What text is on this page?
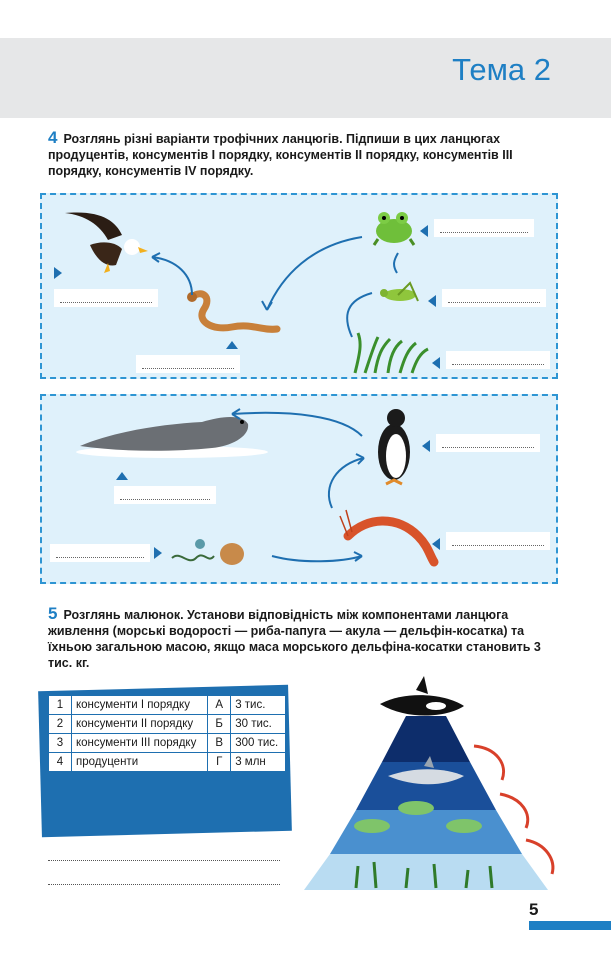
Тема 2
4 Розглянь різні варіанти трофічних ланцюгів. Підпиши в цих ланцюгах продуцентів, консументів I порядку, консументів II порядку, консументів III порядку, консументів IV порядку.
5 Розглянь малюнок. Установи відповідність між компонентами ланцюга живлення (морські водорості — риба-папуга — акула — дельфін-косатка) та їхньою загальною масою, якщо маса морського дельфіна-косатки становить 3 тис. кг.
1	консументи I порядку	А	3 тис.
2	консументи II порядку	Б	30 тис.
3	консументи III порядку	В	300 тис.
4	продуценти	Г	3 млн
5
